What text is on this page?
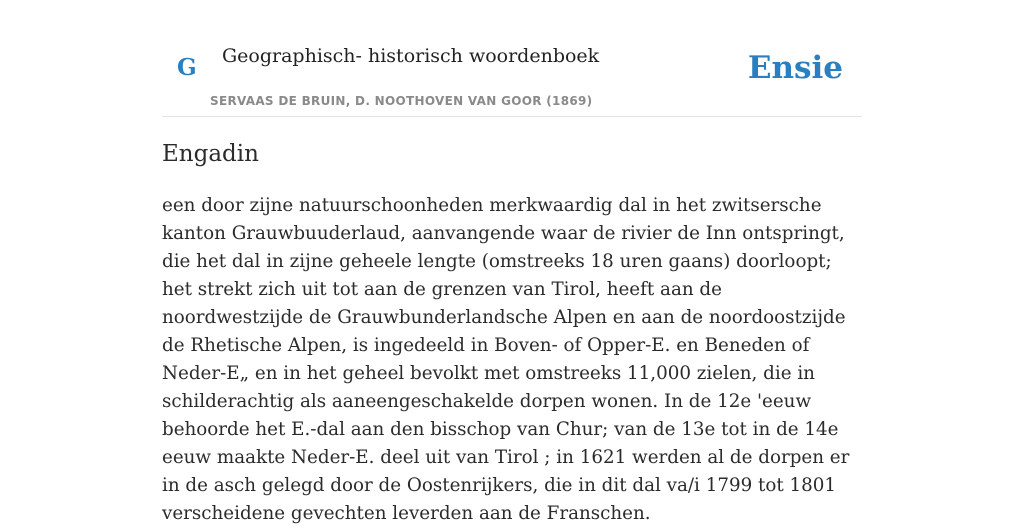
G Geographisch- historisch woordenboek
SERVAAS DE BRUIN, D. NOOTHOVEN VAN GOOR (1869)
Ensie
Engadin

een door zijne natuurschoonheden merkwaardig dal in het zwitsersche kanton Grauwbuuderlaud, aanvangende waar de rivier de Inn ontspringt, die het dal in zijne geheele lengte (omstreeks 18 uren gaans) doorloopt; het strekt zich uit tot aan de grenzen van Tirol, heeft aan de noordwestzijde de Grauwbunderlandsche Alpen en aan de noordoostzijde de Rhetische Alpen, is ingedeeld in Boven- of Opper-E. en Beneden of Neder-E„ en in het geheel bevolkt met omstreeks 11,000 zielen, die in schilderachtig als aaneengeschakelde dorpen wonen. In de 12e 'eeuw behoorde het E.-dal aan den bisschop van Chur; van de 13e tot in de 14e eeuw maakte Neder-E. deel uit van Tirol ; in 1621 werden al de dorpen er in de asch gelegd door de Oostenrijkers, die in dit dal va/i 1799 tot 1801 verscheidene gevechten leverden aan de Franschen.
